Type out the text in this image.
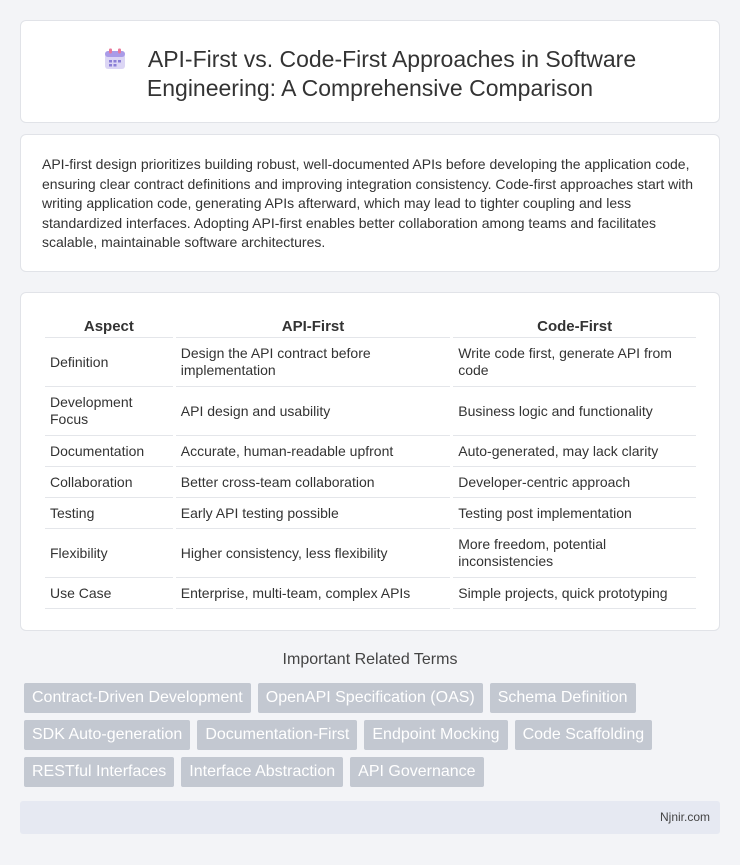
API-First vs. Code-First Approaches in Software Engineering: A Comprehensive Comparison

API-first design prioritizes building robust, well-documented APIs before developing the application code, ensuring clear contract definitions and improving integration consistency. Code-first approaches start with writing application code, generating APIs afterward, which may lead to tighter coupling and less standardized interfaces. Adopting API-first enables better collaboration among teams and facilitates scalable, maintainable software architectures.

Aspect	API-First	Code-First
Definition	Design the API contract before implementation	Write code first, generate API from code
Development Focus	API design and usability	Business logic and functionality
Documentation	Accurate, human-readable upfront	Auto-generated, may lack clarity
Collaboration	Better cross-team collaboration	Developer-centric approach
Testing	Early API testing possible	Testing post implementation
Flexibility	Higher consistency, less flexibility	More freedom, potential inconsistencies
Use Case	Enterprise, multi-team, complex APIs	Simple projects, quick prototyping
Important Related Terms
Contract-Driven Development	OpenAPI Specification (OAS)	Schema Definition
SDK Auto-generation	Documentation-First	Endpoint Mocking	Code Scaffolding
RESTful Interfaces	Interface Abstraction	API Governance
Njnir.com
